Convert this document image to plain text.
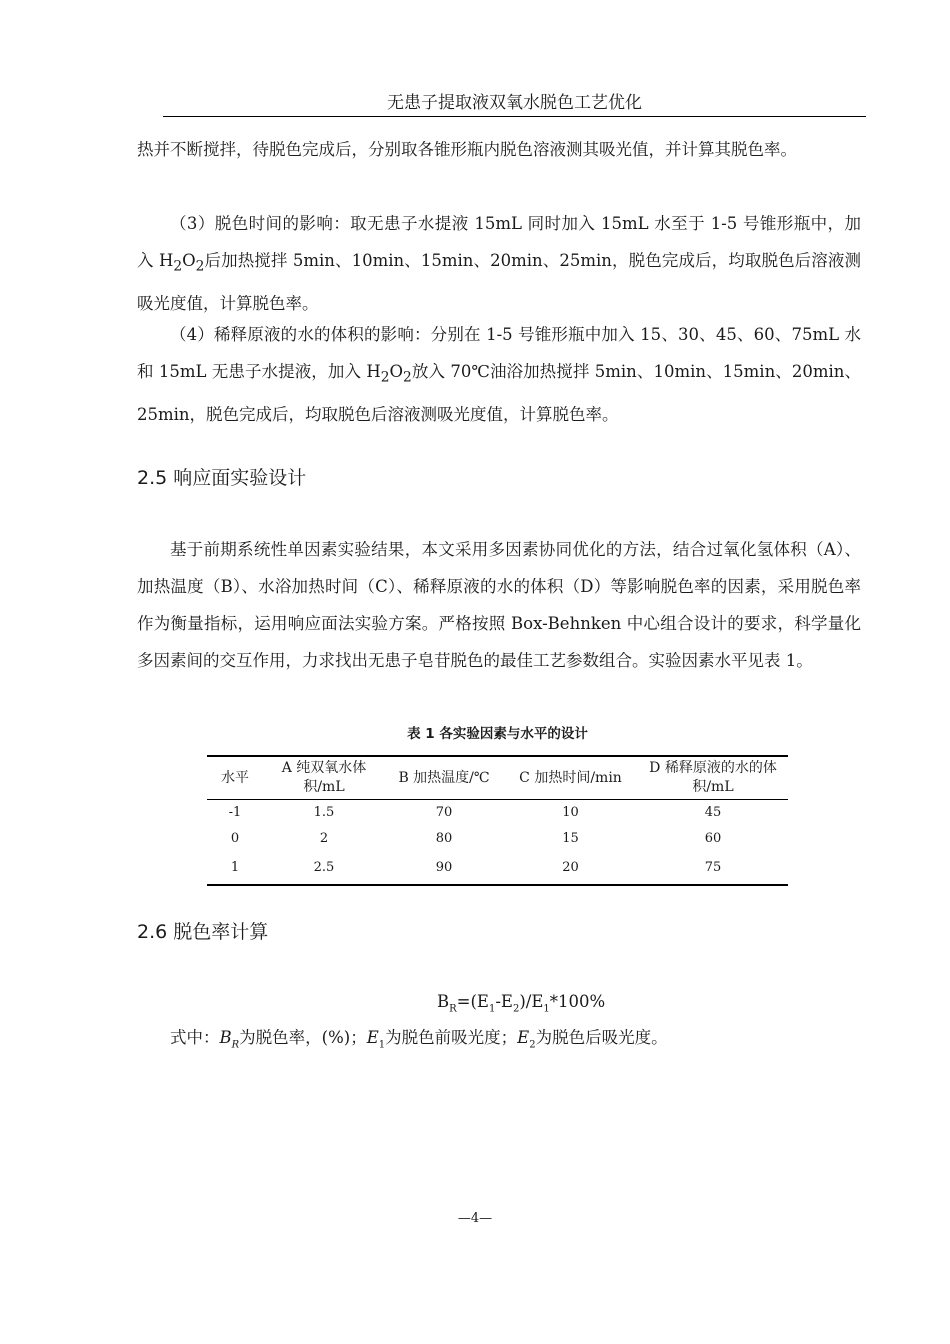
无患子提取液双氧水脱色工艺优化

热并不断搅拌，待脱色完成后，分别取各锥形瓶内脱色溶液测其吸光值，并计算其脱色率。

（3）脱色时间的影响：取无患子水提液 15mL 同时加入 15mL 水至于 1-5 号锥形瓶中，加入 $H_2O_2$后加热搅拌 5min、10min、15min、20min、25min，脱色完成后，均取脱色后溶液测吸光度值，计算脱色率。

（4）稀释原液的水的体积的影响：分别在 1-5 号锥形瓶中加入 15、30、45、60、75mL 水和 15mL 无患子水提液，加入 $H_2O_2$放入 70℃油浴加热搅拌 5min、10min、15min、20min、25min，脱色完成后，均取脱色后溶液测吸光度值，计算脱色率。

2.5 响应面实验设计

基于前期系统性单因素实验结果，本文采用多因素协同优化的方法，结合过氧化氢体积（A）、加热温度（B）、水浴加热时间（C）、稀释原液的水的体积（D）等影响脱色率的因素，采用脱色率作为衡量指标，运用响应面法实验方案。严格按照 Box-Behnken 中心组合设计的要求，科学量化多因素间的交互作用，力求找出无患子皂苷脱色的最佳工艺参数组合。实验因素水平见表 1。

表 1 各实验因素与水平的设计
水平	A 纯双氧水体积/mL	B 加热温度/℃	C 加热时间/min	D 稀释原液的水的体积/mL
-1	1.5	70	10	45
0	2	80	15	60
1	2.5	90	20	75
2.6 脱色率计算
$B_R=(E_1-E_2)/E_1*100\%$

式中：$B_R$为脱色率，(%)；$E_1$为脱色前吸光度；$E_2$为脱色后吸光度。

—4—
